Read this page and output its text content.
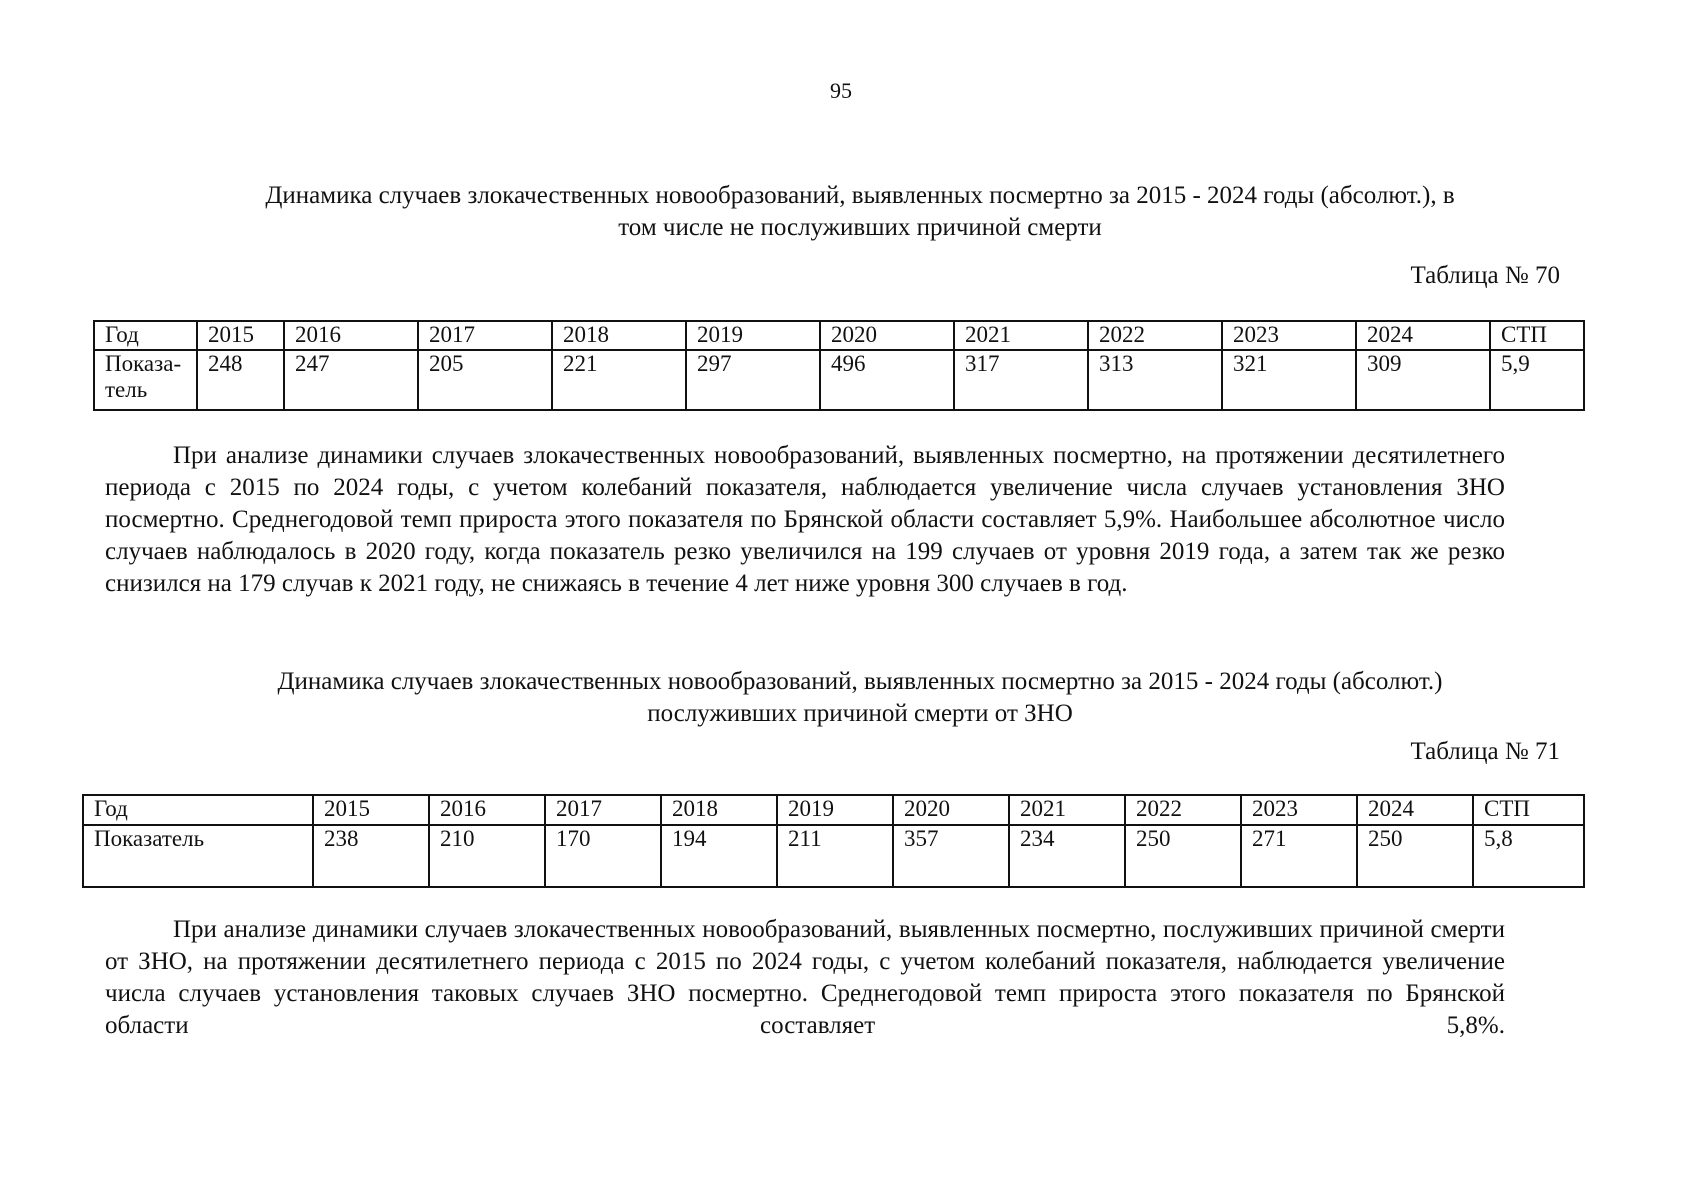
95
Динамика случаев злокачественных новообразований, выявленных посмертно за 2015 - 2024 годы (абсолют.), в
том числе не послуживших причиной смерти
Таблица № 70
Год	2015	2016	2017	2018	2019	2020	2021	2022	2023	2024	СТП
Показа-тель	248	247	205	221	297	496	317	313	321	309	5,9
При анализе динамики случаев злокачественных новообразований, выявленных посмертно, на протяжении десятилетнего периода с 2015 по 2024 годы, с учетом колебаний показателя, наблюдается увеличение числа случаев установления ЗНО посмертно. Среднегодовой темп прироста этого показателя по Брянской области составляет 5,9%. Наибольшее абсолютное число случаев наблюдалось в 2020 году, когда показатель резко увеличился на 199 случаев от уровня 2019 года, а затем так же резко снизился на 179 случав к 2021 году, не снижаясь в течение 4 лет ниже уровня 300 случаев в год.
Динамика случаев злокачественных новообразований, выявленных посмертно за 2015 - 2024 годы (абсолют.)
послуживших причиной смерти от ЗНО
Таблица № 71
Год	2015	2016	2017	2018	2019	2020	2021	2022	2023	2024	СТП
Показатель	238	210	170	194	211	357	234	250	271	250	5,8
При анализе динамики случаев злокачественных новообразований, выявленных посмертно, послуживших причиной смерти от ЗНО, на протяжении десятилетнего периода с 2015 по 2024 годы, с учетом колебаний показателя, наблюдается увеличение числа случаев установления таковых случаев ЗНО посмертно. Среднегодовой темп прироста этого показателя по Брянской области составляет 5,8%.
